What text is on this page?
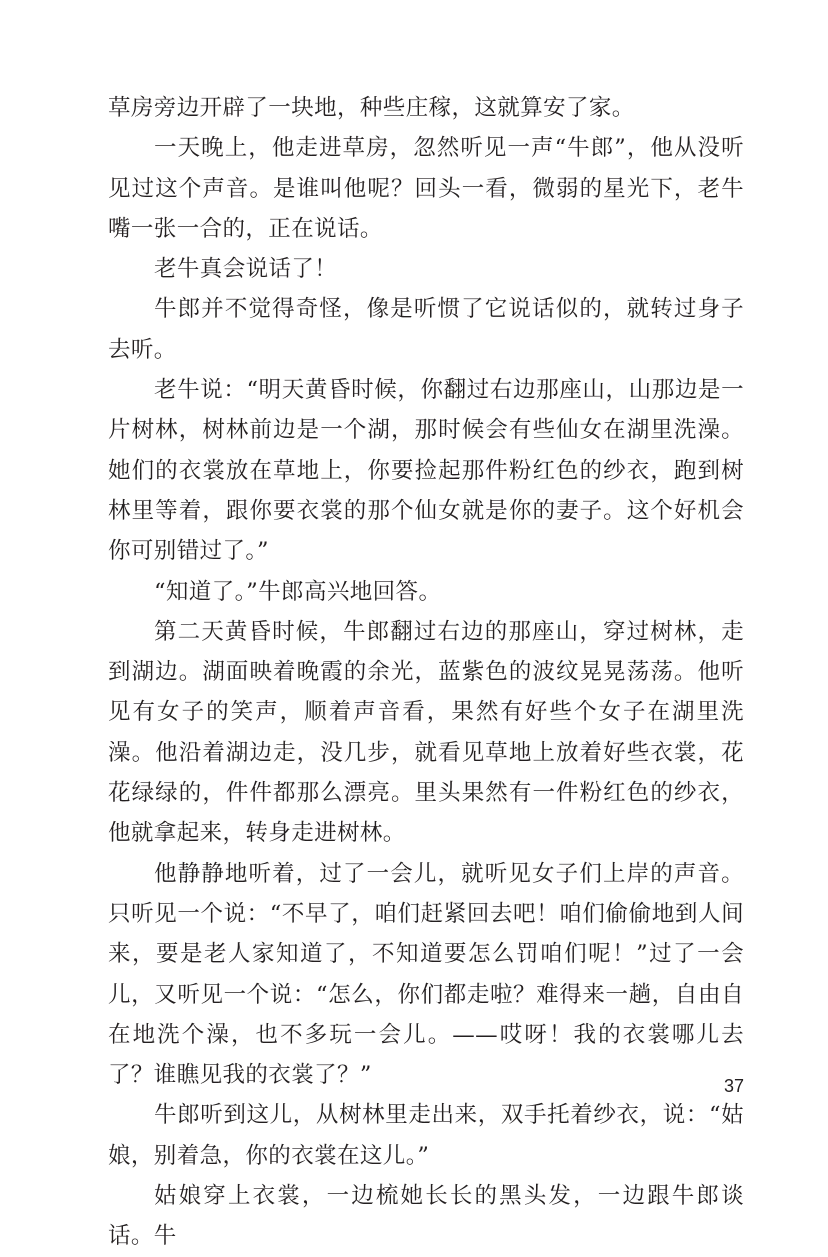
草房旁边开辟了一块地，种些庄稼，这就算安了家。

一天晚上，他走进草房，忽然听见一声“牛郎”，他从没听见过这个声音。是谁叫他呢？回头一看，微弱的星光下，老牛嘴一张一合的，正在说话。

老牛真会说话了！

牛郎并不觉得奇怪，像是听惯了它说话似的，就转过身子去听。

老牛说：“明天黄昏时候，你翻过右边那座山，山那边是一片树林，树林前边是一个湖，那时候会有些仙女在湖里洗澡。她们的衣裳放在草地上，你要捡起那件粉红色的纱衣，跑到树林里等着，跟你要衣裳的那个仙女就是你的妻子。这个好机会你可别错过了。”

“知道了。”牛郎高兴地回答。

第二天黄昏时候，牛郎翻过右边的那座山，穿过树林，走到湖边。湖面映着晚霞的余光，蓝紫色的波纹晃晃荡荡。他听见有女子的笑声，顺着声音看，果然有好些个女子在湖里洗澡。他沿着湖边走，没几步，就看见草地上放着好些衣裳，花花绿绿的，件件都那么漂亮。里头果然有一件粉红色的纱衣，他就拿起来，转身走进树林。

他静静地听着，过了一会儿，就听见女子们上岸的声音。只听见一个说：“不早了，咱们赶紧回去吧！咱们偷偷地到人间来，要是老人家知道了，不知道要怎么罚咱们呢！”过了一会儿，又听见一个说：“怎么，你们都走啦？难得来一趟，自由自在地洗个澡，也不多玩一会儿。——哎呀！我的衣裳哪儿去了？谁瞧见我的衣裳了？”

牛郎听到这儿，从树林里走出来，双手托着纱衣，说：“姑娘，别着急，你的衣裳在这儿。”

姑娘穿上衣裳，一边梳她长长的黑头发，一边跟牛郎谈话。牛

37
